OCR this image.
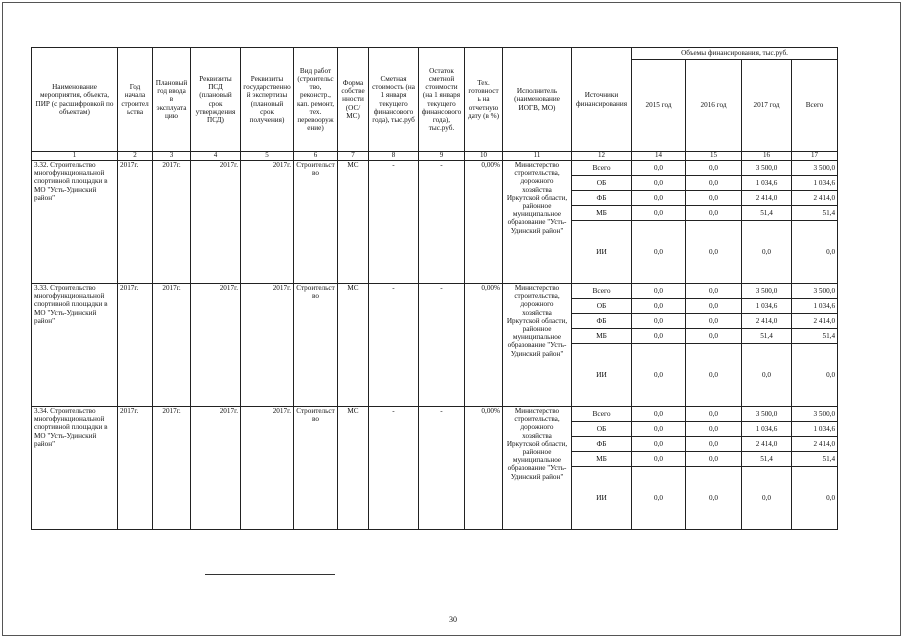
Наименование мероприятия, объекта, ПИР (с расшифровкой по объектам)	Год начала строительства	Плановый год ввода в эксплуатацию	Реквизиты ПСД (плановый срок утверждения ПСД)	Реквизиты государственной экспертизы (плановый срок получения)	Вид работ (строительство, реконстр., кап. ремонт, тех. перевооружение)	Форма собственности (ОС/МС)	Сметная стоимость (на 1 января текущего финансового года), тыс.руб	Остаток сметной стоимости (на 1 января текущего финансового года), тыс.руб.	Тех. готовность на отчетную дату (в %)	Исполнитель (наименование ИОГВ, МО)	Источники финансирования	Объемы финансирования, тыс.руб.			
												2015 год	2016 год	2017 год	Всего
1	2	3	4	5	6	7	8	9	10	11	12	14	15	16	17
3.32. Строительство многофункциональной спортивной площадки в МО "Усть-Удинский район"	2017г.	2017г.	2017г.	2017г.	Строительство	МС	-	-	0,00%	Министерство строительства, дорожного хозяйства Иркутской области, районное муниципальное образование "Усть-Удинский район"	Всего	0,0	0,0	3 500,0	3 500,0
											ОБ	0,0	0,0	1 034,6	1 034,6
											ФБ	0,0	0,0	2 414,0	2 414,0
											МБ	0,0	0,0	51,4	51,4
											ИИ	0,0	0,0	0,0	0,0
3.33. Строительство многофункциональной спортивной площадки в МО "Усть-Удинский район"	2017г.	2017г.	2017г.	2017г.	Строительство	МС	-	-	0,00%	Министерство строительства, дорожного хозяйства Иркутской области, районное муниципальное образование "Усть-Удинский район"	Всего	0,0	0,0	3 500,0	3 500,0
											ОБ	0,0	0,0	1 034,6	1 034,6
											ФБ	0,0	0,0	2 414,0	2 414,0
											МБ	0,0	0,0	51,4	51,4
											ИИ	0,0	0,0	0,0	0,0
3.34. Строительство многофункциональной спортивной площадки в МО "Усть-Удинский район"	2017г.	2017г.	2017г.	2017г.	Строительство	МС	-	-	0,00%	Министерство строительства, дорожного хозяйства Иркутской области, районное муниципальное образование "Усть-Удинский район"	Всего	0,0	0,0	3 500,0	3 500,0
											ОБ	0,0	0,0	1 034,6	1 034,6
											ФБ	0,0	0,0	2 414,0	2 414,0
											МБ	0,0	0,0	51,4	51,4
											ИИ	0,0	0,0	0,0	0,0
30
